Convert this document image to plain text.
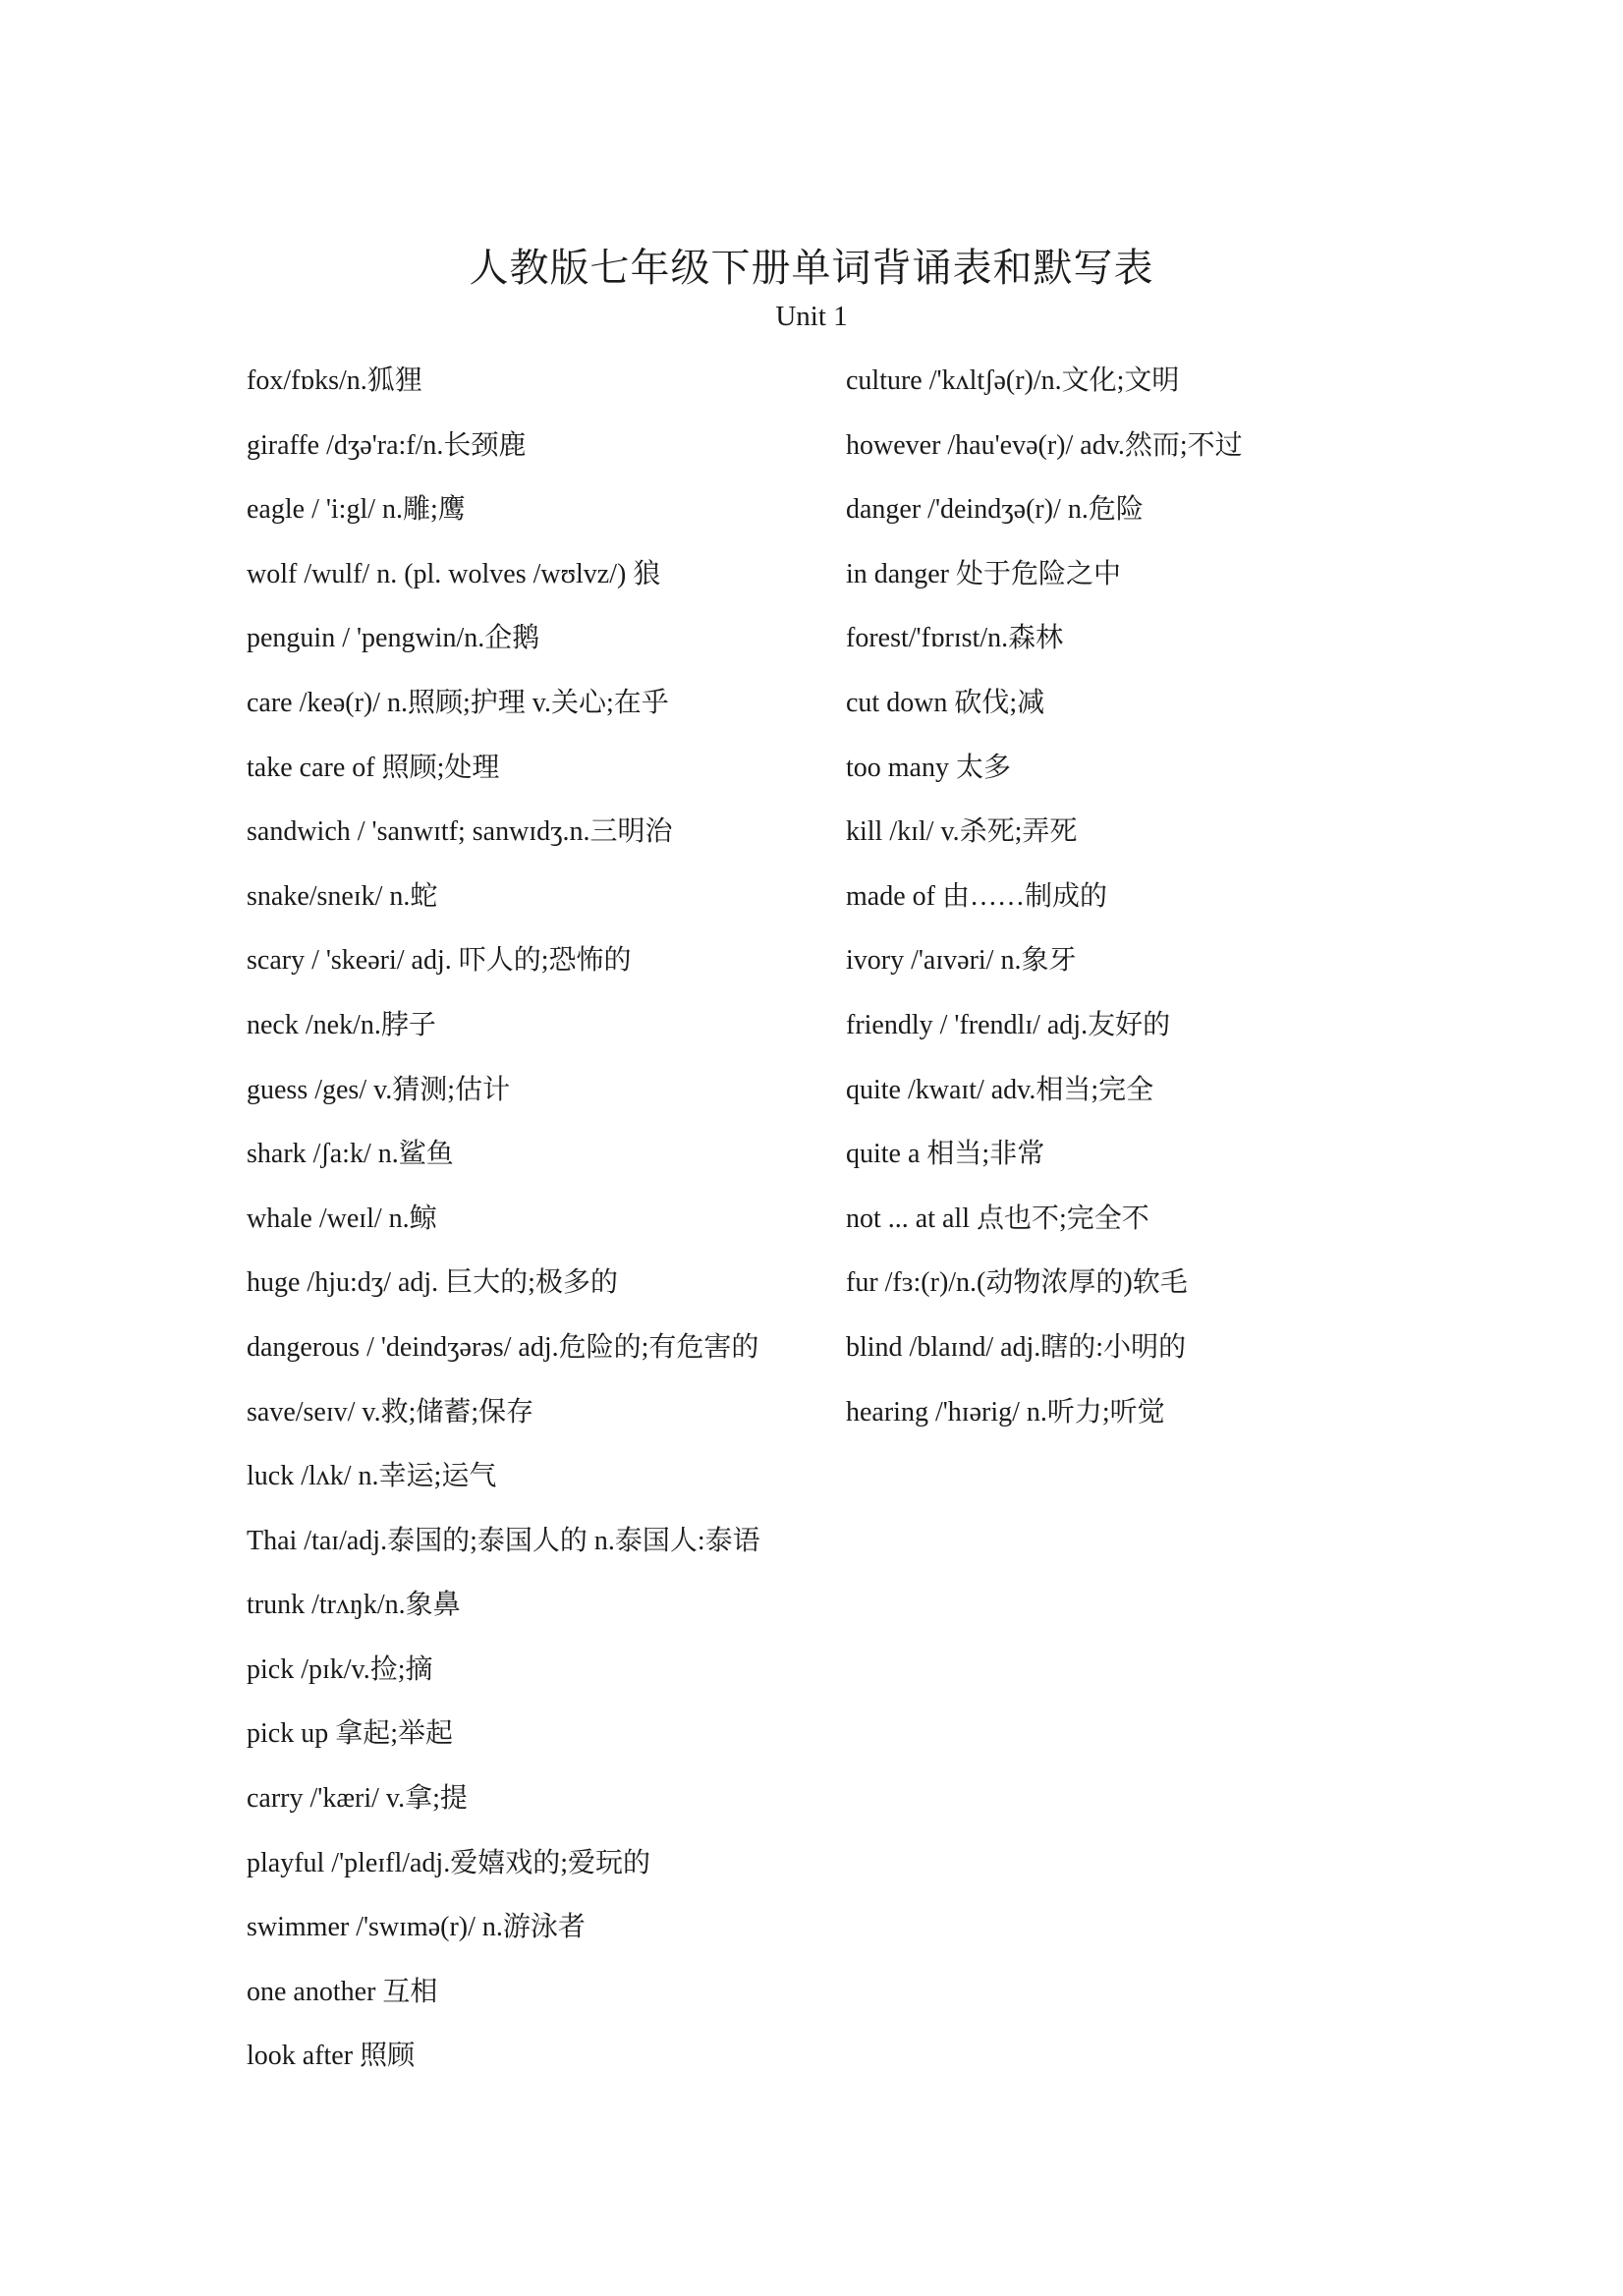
人教版七年级下册单词背诵表和默写表
Unit 1
fox/fɒks/n.狐狸
giraffe /dʒə'ra:f/n.长颈鹿
eagle / 'i:gl/ n.雕;鹰
wolf /wulf/ n. (pl. wolves /wʊlvz/) 狼
penguin / 'pengwin/n.企鹅
care /keə(r)/ n.照顾;护理 v.关心;在乎
take care of 照顾;处理
sandwich / 'sanwɪtf; sanwɪdʒ.n.三明治
snake/sneɪk/ n.蛇
scary / 'skeəri/ adj. 吓人的;恐怖的
neck /nek/n.脖子
guess /ges/ v.猜测;估计
shark /ʃa:k/ n.鲨鱼
whale /weɪl/ n.鲸
huge /hju:dʒ/ adj. 巨大的;极多的
dangerous / 'deindʒərəs/ adj.危险的;有危害的
save/seɪv/ v.救;储蓄;保存
luck /lʌk/ n.幸运;运气
Thai /taɪ/adj.泰国的;泰国人的 n.泰国人:泰语
trunk /trʌŋk/n.象鼻
pick /pɪk/v.捡;摘
pick up 拿起;举起
carry /'kæri/ v.拿;提
playful /'pleɪfl/adj.爱嬉戏的;爱玩的
swimmer /'swɪmə(r)/ n.游泳者
one another 互相
look after 照顾
culture /'kʌltʃə(r)/n.文化;文明
however /hau'evə(r)/ adv.然而;不过
danger /'deindʒə(r)/ n.危险
in danger 处于危险之中
forest/'fɒrɪst/n.森林
cut down 砍伐;减
too many 太多
kill /kɪl/ v.杀死;弄死
made of 由……制成的
ivory /'aɪvəri/ n.象牙
friendly / 'frendlɪ/ adj.友好的
quite /kwaɪt/ adv.相当;完全
quite a 相当;非常
not ... at all 点也不;完全不
fur /fɜ:(r)/n.(动物浓厚的)软毛
blind /blaɪnd/ adj.瞎的:小明的
hearing /'hɪərig/ n.听力;听觉
